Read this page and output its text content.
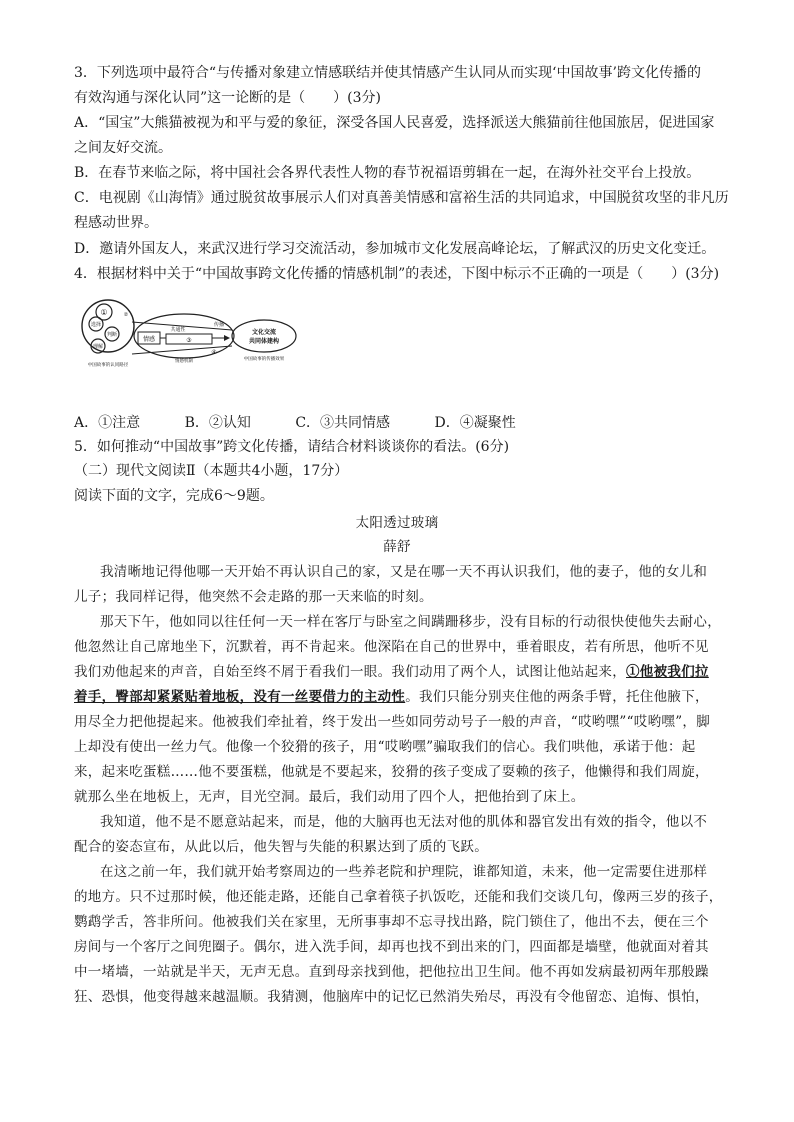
3．下列选项中最符合“与传播对象建立情感联结并使其情感产生认同从而实现‘中国故事’跨文化传播的
有效沟通与深化认同”这一论断的是（　　）(3分)
A．“国宝”大熊猫被视为和平与爱的象征，深受各国人民喜爱，选择派送大熊猫前往他国旅居，促进国家
之间友好交流。
B．在春节来临之际，将中国社会各界代表性人物的春节祝福语剪辑在一起，在海外社交平台上投放。
C．电视剧《山海情》通过脱贫故事展示人们对真善美情感和富裕生活的共同追求，中国脱贫攻坚的非凡历
程感动世界。
D．邀请外国友人，来武汉进行学习交流活动，参加城市文化发展高峰论坛，了解武汉的历史文化变迁。
4．根据材料中关于“中国故事跨文化传播的情感机制”的表述，下图中标示不正确的一项是（　　）(3分)
①
选择
判断
理解
情感
共通性
③
④
传播
②
文化交流
共同体建构
情感机制
中国故事的认同路径
中国故事的传播效果
A．①注意	B．②认知	C．③共同情感	D．④凝聚性
5．如何推动“中国故事”跨文化传播，请结合材料谈谈你的看法。(6分)
（二）现代文阅读Ⅱ（本题共4小题，17分）
阅读下面的文字，完成6～9题。
太阳透过玻璃
薛舒
我清晰地记得他哪一天开始不再认识自己的家，又是在哪一天不再认识我们，他的妻子，他的女儿和
儿子；我同样记得，他突然不会走路的那一天来临的时刻。
那天下午，他如同以往任何一天一样在客厅与卧室之间蹒跚移步，没有目标的行动很快使他失去耐心，
他忽然让自己席地坐下，沉默着，再不肯起来。他深陷在自己的世界中，垂着眼皮，若有所思，他听不见
我们劝他起来的声音，自始至终不屑于看我们一眼。我们动用了两个人，试图让他站起来，①他被我们拉
着手，臀部却紧紧贴着地板，没有一丝要借力的主动性。我们只能分别夹住他的两条手臂，托住他腋下，
用尽全力把他提起来。他被我们牵扯着，终于发出一些如同劳动号子一般的声音，“哎哟嘿”“哎哟嘿”，脚
上却没有使出一丝力气。他像一个狡猾的孩子，用“哎哟嘿”骗取我们的信心。我们哄他，承诺于他：起
来，起来吃蛋糕……他不要蛋糕，他就是不要起来，狡猾的孩子变成了耍赖的孩子，他懒得和我们周旋，
就那么坐在地板上，无声，目光空洞。最后，我们动用了四个人，把他抬到了床上。
我知道，他不是不愿意站起来，而是，他的大脑再也无法对他的肌体和器官发出有效的指令，他以不
配合的姿态宣布，从此以后，他失智与失能的积累达到了质的飞跃。
在这之前一年，我们就开始考察周边的一些养老院和护理院，谁都知道，未来，他一定需要住进那样
的地方。只不过那时候，他还能走路，还能自己拿着筷子扒饭吃，还能和我们交谈几句，像两三岁的孩子，
鹦鹉学舌，答非所问。他被我们关在家里，无所事事却不忘寻找出路，院门锁住了，他出不去，便在三个
房间与一个客厅之间兜圈子。偶尔，进入洗手间，却再也找不到出来的门，四面都是墙壁，他就面对着其
中一堵墙，一站就是半天，无声无息。直到母亲找到他，把他拉出卫生间。他不再如发病最初两年那般躁
狂、恐惧，他变得越来越温顺。我猜测，他脑库中的记忆已然消失殆尽，再没有令他留恋、追悔、惧怕，
